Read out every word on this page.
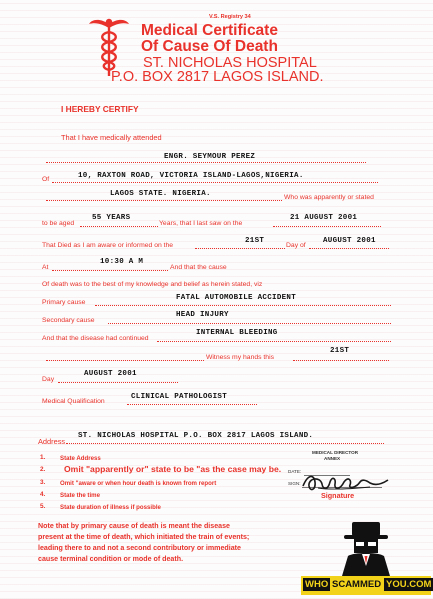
V.S. Registry 34
Medical Certificate
Of Cause Of Death
ST. NICHOLAS HOSPITAL
P.O. BOX 2817 LAGOS ISLAND.
I HEREBY CERTIFY
That I have medically attended
ENGR. SEYMOUR PEREZ
Of	10, RAXTON ROAD, VICTORIA ISLAND-LAGOS,NIGERIA.
LAGOS STATE. NIGERIA.	Who was apparently or stated
to be aged
55 YEARS
Years, that I last saw on the
21 AUGUST 2001
That Died as I am aware or informed on the
21ST
Day of
AUGUST 2001
At
10:30 A M
And that the cause
Of death was to the best of my knowledge and belief as herein stated, viz
Primary cause
FATAL AUTOMOBILE ACCIDENT
Secondary cause
HEAD INJURY
And that the disease had continued
INTERNAL BLEEDING
Witness my hands this
21ST
Day
AUGUST 2001
Medical Qualification
CLINICAL PATHOLOGIST
Address
ST. NICHOLAS HOSPITAL P.O. BOX 2817 LAGOS ISLAND.
1. State Address
2. Omit "apparently or" state to be "as the case may be.
3. Omit "aware or when hour death is known from report
4. State the time
5. State duration of illness if possible
MEDICAL DIRECTOR
ANNEX
DATE:
SIGN:
Signature
Note that by primary cause of death is meant the disease
present at the time of death, which initiated the train of events;
leading there to and not a second contributory or immediate
cause terminal condition or mode of death.
WHO SCAMMED YOU.COM
